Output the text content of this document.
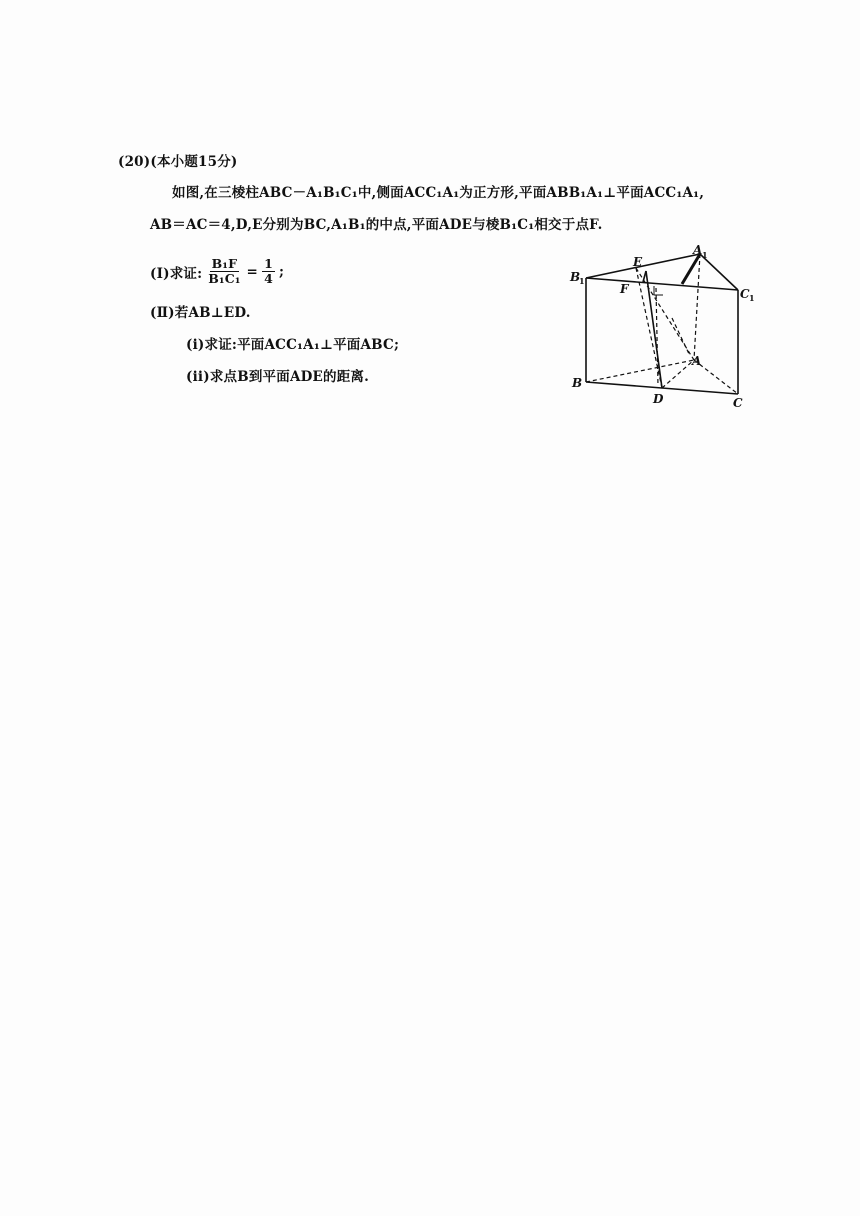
(20)(本小题15分)
如图,在三棱柱ABC－A₁B₁C₁中,侧面ACC₁A₁为正方形,平面ABB₁A₁⊥平面ACC₁A₁,
AB＝AC＝4,D,E分别为BC,A₁B₁的中点,平面ADE与棱B₁C₁相交于点F.
(Ⅰ)求证: $\frac{\text{B₁F}}{\text{B₁C₁}} = \frac{1}{4}$ ;
(Ⅱ)若AB⊥ED.
(i)求证:平面ACC₁A₁⊥平面ABC;
(ii)求点B到平面ADE的距离.
B
1
E
A 1
F	C 1
A
B
D	C
